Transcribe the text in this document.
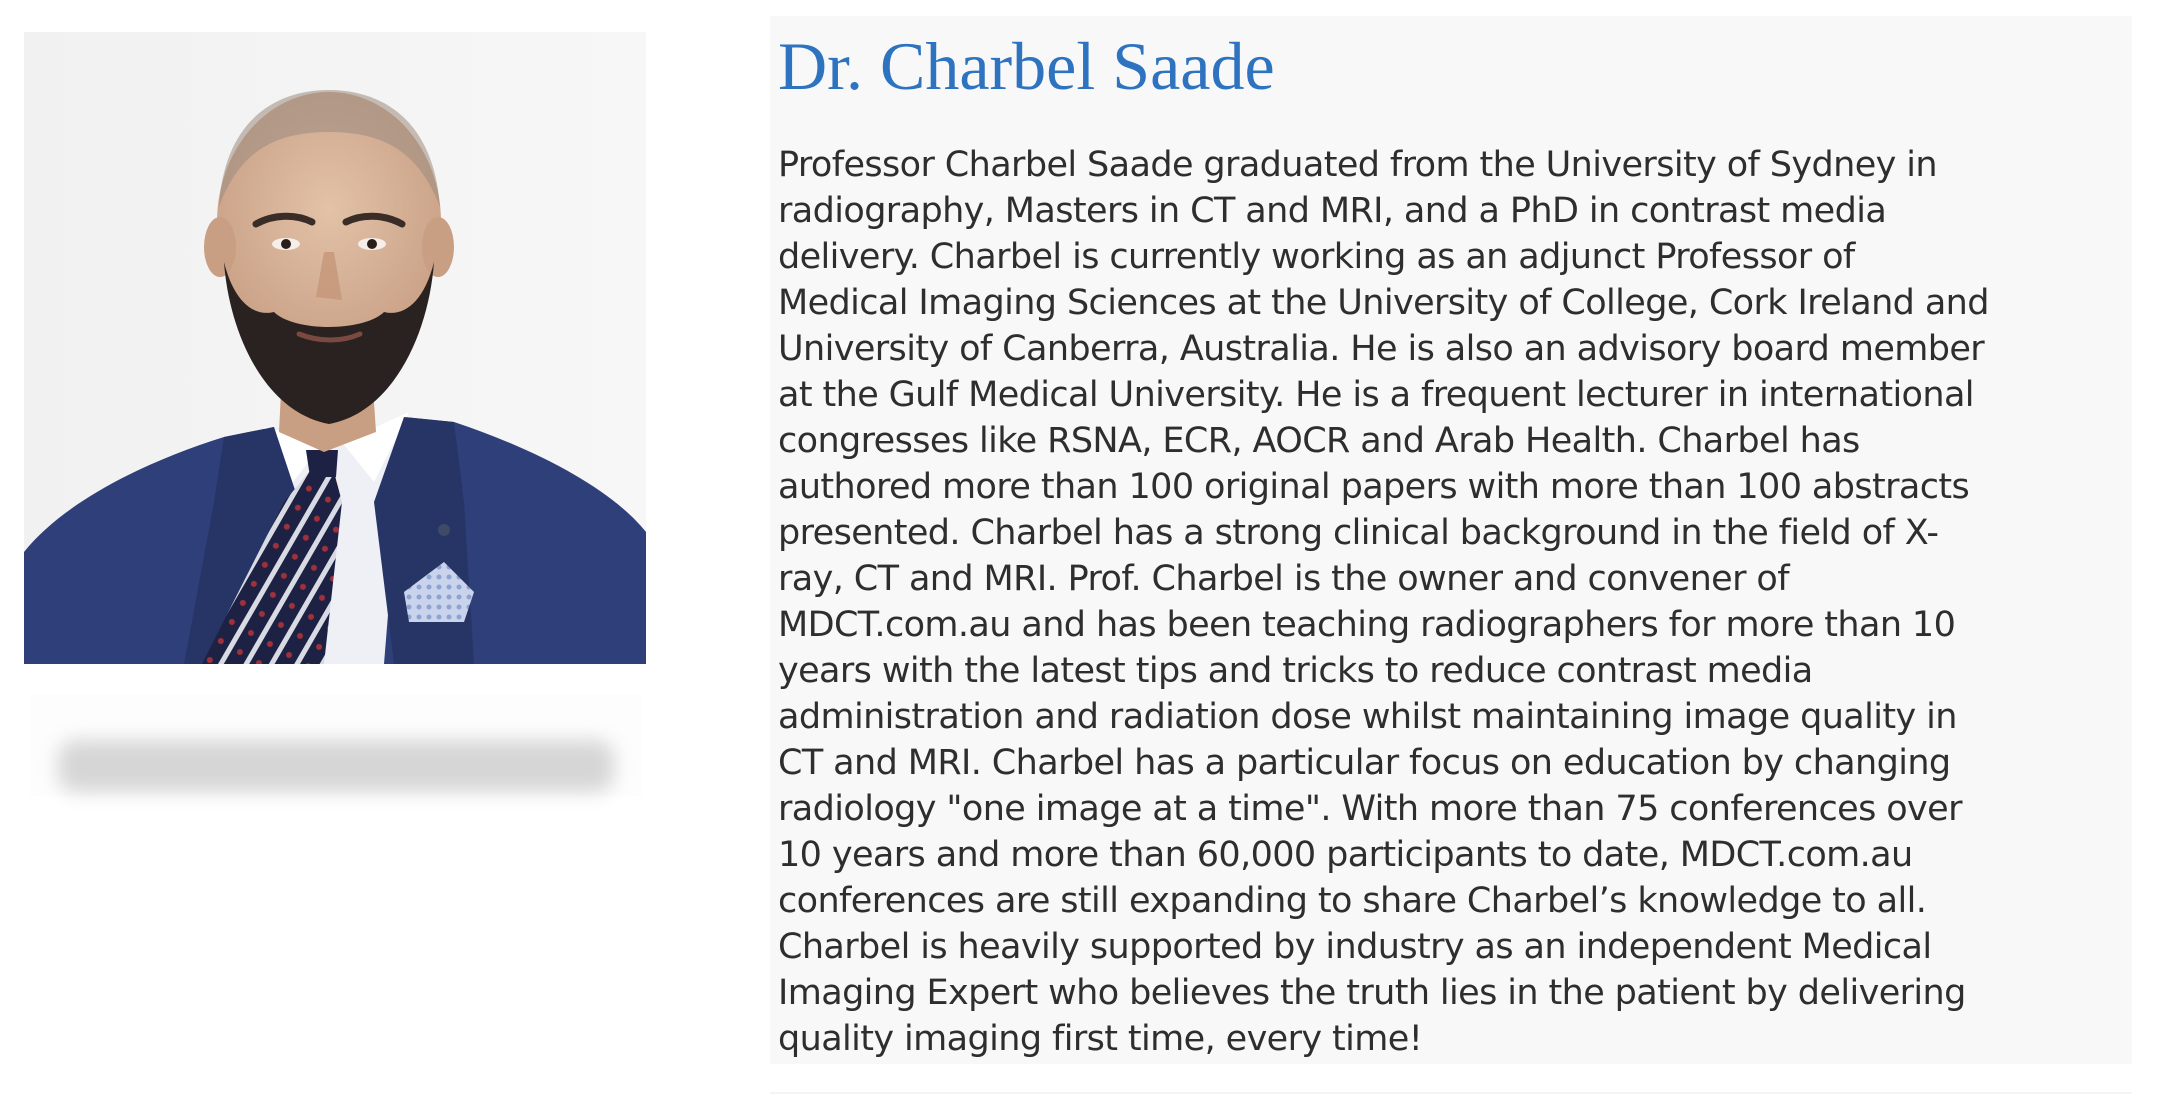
Dr. Charbel Saade

Professor Charbel Saade graduated from the University of Sydney in
radiography, Masters in CT and MRI, and a PhD in contrast media
delivery. Charbel is currently working as an adjunct Professor of
Medical Imaging Sciences at the University of College, Cork Ireland and
University of Canberra, Australia. He is also an advisory board member
at the Gulf Medical University. He is a frequent lecturer in international
congresses like RSNA, ECR, AOCR and Arab Health. Charbel has
authored more than 100 original papers with more than 100 abstracts
presented. Charbel has a strong clinical background in the field of X-
ray, CT and MRI. Prof. Charbel is the owner and convener of
MDCT.com.au and has been teaching radiographers for more than 10
years with the latest tips and tricks to reduce contrast media
administration and radiation dose whilst maintaining image quality in
CT and MRI. Charbel has a particular focus on education by changing
radiology "one image at a time". With more than 75 conferences over
10 years and more than 60,000 participants to date, MDCT.com.au
conferences are still expanding to share Charbel’s knowledge to all.
Charbel is heavily supported by industry as an independent Medical
Imaging Expert who believes the truth lies in the patient by delivering
quality imaging first time, every time!
